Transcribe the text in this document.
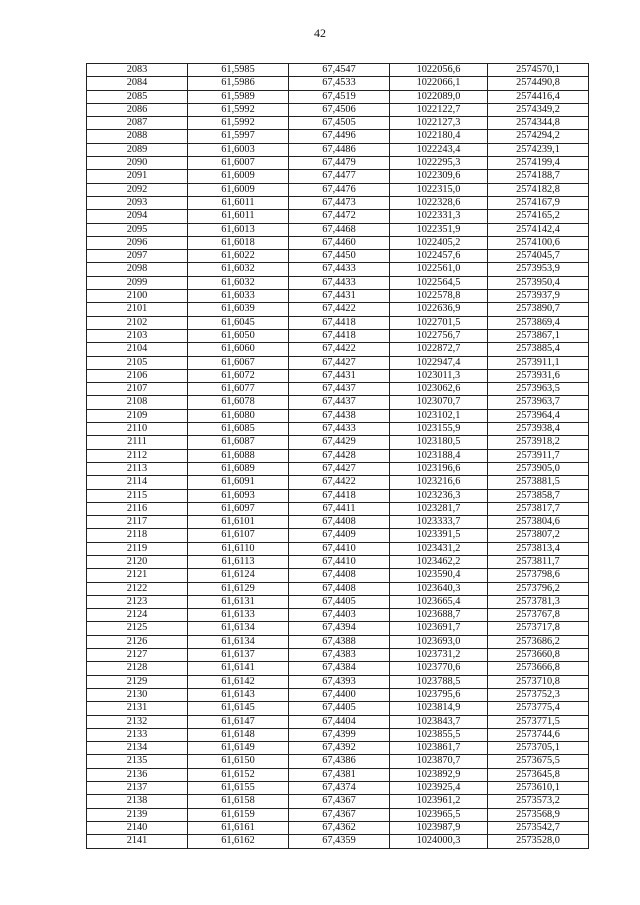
42
2083	61,5985	67,4547	1022056,6	2574570,1
2084	61,5986	67,4533	1022066,1	2574490,8
2085	61,5989	67,4519	1022089,0	2574416,4
2086	61,5992	67,4506	1022122,7	2574349,2
2087	61,5992	67,4505	1022127,3	2574344,8
2088	61,5997	67,4496	1022180,4	2574294,2
2089	61,6003	67,4486	1022243,4	2574239,1
2090	61,6007	67,4479	1022295,3	2574199,4
2091	61,6009	67,4477	1022309,6	2574188,7
2092	61,6009	67,4476	1022315,0	2574182,8
2093	61,6011	67,4473	1022328,6	2574167,9
2094	61,6011	67,4472	1022331,3	2574165,2
2095	61,6013	67,4468	1022351,9	2574142,4
2096	61,6018	67,4460	1022405,2	2574100,6
2097	61,6022	67,4450	1022457,6	2574045,7
2098	61,6032	67,4433	1022561,0	2573953,9
2099	61,6032	67,4433	1022564,5	2573950,4
2100	61,6033	67,4431	1022578,8	2573937,9
2101	61,6039	67,4422	1022636,9	2573890,7
2102	61,6045	67,4418	1022701,5	2573869,4
2103	61,6050	67,4418	1022756,7	2573867,1
2104	61,6060	67,4422	1022872,7	2573885,4
2105	61,6067	67,4427	1022947,4	2573911,1
2106	61,6072	67,4431	1023011,3	2573931,6
2107	61,6077	67,4437	1023062,6	2573963,5
2108	61,6078	67,4437	1023070,7	2573963,7
2109	61,6080	67,4438	1023102,1	2573964,4
2110	61,6085	67,4433	1023155,9	2573938,4
2111	61,6087	67,4429	1023180,5	2573918,2
2112	61,6088	67,4428	1023188,4	2573911,7
2113	61,6089	67,4427	1023196,6	2573905,0
2114	61,6091	67,4422	1023216,6	2573881,5
2115	61,6093	67,4418	1023236,3	2573858,7
2116	61,6097	67,4411	1023281,7	2573817,7
2117	61,6101	67,4408	1023333,7	2573804,6
2118	61,6107	67,4409	1023391,5	2573807,2
2119	61,6110	67,4410	1023431,2	2573813,4
2120	61,6113	67,4410	1023462,2	2573811,7
2121	61,6124	67,4408	1023590,4	2573798,6
2122	61,6129	67,4408	1023640,3	2573796,2
2123	61,6131	67,4405	1023665,4	2573781,3
2124	61,6133	67,4403	1023688,7	2573767,8
2125	61,6134	67,4394	1023691,7	2573717,8
2126	61,6134	67,4388	1023693,0	2573686,2
2127	61,6137	67,4383	1023731,2	2573660,8
2128	61,6141	67,4384	1023770,6	2573666,8
2129	61,6142	67,4393	1023788,5	2573710,8
2130	61,6143	67,4400	1023795,6	2573752,3
2131	61,6145	67,4405	1023814,9	2573775,4
2132	61,6147	67,4404	1023843,7	2573771,5
2133	61,6148	67,4399	1023855,5	2573744,6
2134	61,6149	67,4392	1023861,7	2573705,1
2135	61,6150	67,4386	1023870,7	2573675,5
2136	61,6152	67,4381	1023892,9	2573645,8
2137	61,6155	67,4374	1023925,4	2573610,1
2138	61,6158	67,4367	1023961,2	2573573,2
2139	61,6159	67,4367	1023965,5	2573568,9
2140	61,6161	67,4362	1023987,9	2573542,7
2141	61,6162	67,4359	1024000,3	2573528,0
